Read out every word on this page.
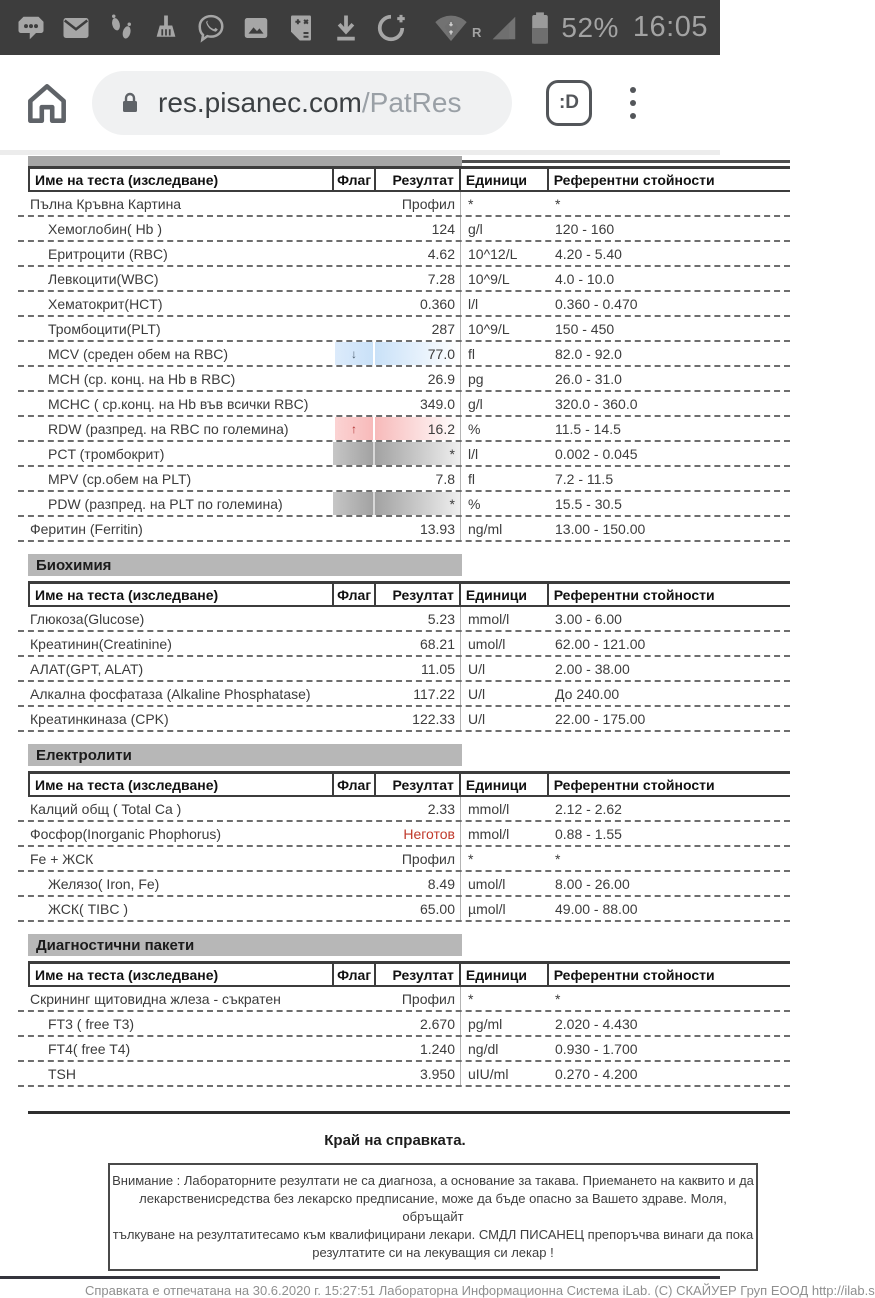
R	52% 16:05
res.pisanec.com/PatRes	:D
Име на теста (изследване)	Флаг	Резултат Единици	Референтни стойности
Пълна Кръвна Картина	Профил *	*
Хемоглобин( Hb )	124 g/l	120 - 160
Еритроцити (RBC)	4.62 10^12/L	4.20 - 5.40
Левкоцити(WBC)	7.28 10^9/L	4.0 - 10.0
Хематокрит(HCT)	0.360 l/l	0.360 - 0.470
Тромбоцити(PLT)	287 10^9/L	150 - 450
MCV (среден обем на RBC)	↓	77.0 fl	82.0 - 92.0
MCH (ср. конц. на Hb в RBC)	26.9 pg	26.0 - 31.0
MCHC ( ср.конц. на Hb във всички RBC)	349.0 g/l	320.0 - 360.0
RDW (разпред. на RBC по големина)	↑	16.2 %	11.5 - 14.5
PCT (тромбокрит)	* l/l	0.002 - 0.045
MPV (ср.обем на PLT)	7.8 fl	7.2 - 11.5
PDW (разпред. на PLT по големина)	* %	15.5 - 30.5
Феритин (Ferritin)	13.93 ng/ml	13.00 - 150.00
Биохимия
Име на теста (изследване)	Флаг	Резултат Единици	Референтни стойности
Глюкоза(Glucose)	5.23 mmol/l	3.00 - 6.00
Креатинин(Creatinine)	68.21 umol/l	62.00 - 121.00
АЛАТ(GPT, ALAT)	11.05 U/l	2.00 - 38.00
Алкална фосфатаза (Alkaline Phosphatase)	117.22 U/l	До 240.00
Креатинкиназа (CPK)	122.33 U/l	22.00 - 175.00
Електролити
Име на теста (изследване)	Флаг	Резултат Единици	Референтни стойности
Калций общ ( Total Ca )	2.33 mmol/l	2.12 - 2.62
Фосфор(Inorganic Phophorus)	Неготов mmol/l	0.88 - 1.55
Fe + ЖСК	Профил *	*
Желязо( Iron, Fe)	8.49 umol/l	8.00 - 26.00
ЖСК( TIBC )	65.00 µmol/l	49.00 - 88.00
Диагностични пакети
Име на теста (изследване)	Флаг	Резултат Единици	Референтни стойности
Скрининг щитовидна жлеза - съкратен	Профил *	*
FT3 ( free T3)	2.670 pg/ml	2.020 - 4.430
FT4( free T4)	1.240 ng/dl	0.930 - 1.700
TSH	3.950 uIU/ml	0.270 - 4.200
Край на справката.
Внимание : Лабораторните резултати не са диагноза, а основание за такава. Приемането на каквито и да
лекарственисредства без лекарско предписание, може да бъде опасно за Вашето здраве. Моля, обръщайт
тълкуване на резултатитесамо към квалифицирани лекари. СМДЛ ПИСАНЕЦ препоръчва винаги да пока
резултатите си на лекуващия си лекар !
Справката е отпечатана на 30.6.2020 г. 15:27:51 Лабораторна Информационна Система iLab. (C) СКАЙУЕР Груп ЕООД http://ilab.s
